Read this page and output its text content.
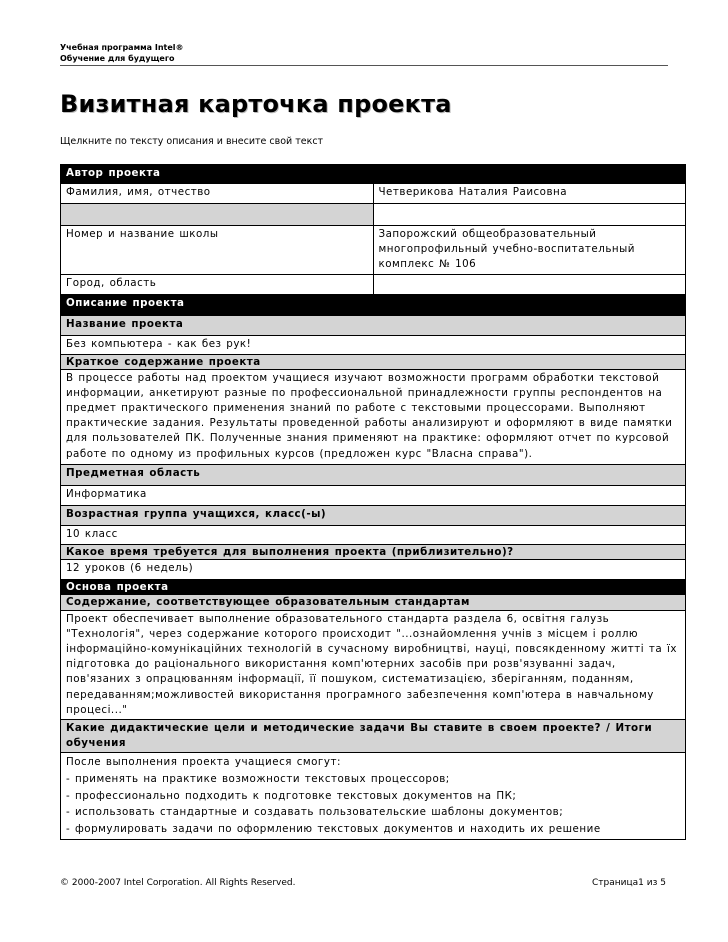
Учебная программа Intel®
Обучение для будущего
Визитная карточка проекта
Щелкните по тексту описания и внесите свой текст
Автор проекта	
Фамилия, имя, отчество	Четверикова Наталия Раисовна

Номер и название школы	Запорожский общеобразовательный многопрофильный учебно-воспитательный комплекс № 106
Город, область	
Описание проекта	
Название проекта	
Без компьютера - как без рук!	
Краткое содержание проекта	
В процессе работы над проектом учащиеся изучают возможности программ обработки текстовой информации, анкетируют разные по профессиональной принадлежности группы респондентов на предмет практического применения знаний по работе с текстовыми процессорами. Выполняют практические задания. Результаты проведенной работы анализируют и оформляют в виде памятки для пользователей ПК. Полученные знания применяют на практике: оформляют отчет по курсовой работе по одному из профильных курсов (предложен курс "Власна справа").	
Предметная область	
Информатика	
Возрастная группа учащихся, класс(-ы)	
10 класс	
Какое время требуется для выполнения проекта (приблизительно)?	
12 уроков (6 недель)	
Основа проекта	
Содержание, соответствующее образовательным стандартам	
Проект обеспечивает выполнение образовательного стандарта раздела 6, освітня галузь "Технологія", через содержание которого происходит "...ознайомлення учнів з місцем і роллю інформаційно-комунікаційних технологій в сучасному виробництві, науці, повсякденному житті та їх підготовка до раціонального використання комп'ютерних засобів при розв'язуванні задач, пов'язаних з опрацюванням інформації, її пошуком, систематизацією, зберіганням, поданням, передаванням;можливостей використання програмного забезпечення комп'ютера в навчальному процесі..."	
Какие дидактические цели и методические задачи Вы ставите в своем проекте? / Итоги обучения	

После выполнения проекта учащиеся смогут:
- применять на практике возможности текстовых процессоров;
- профессионально подходить к подготовке текстовых документов на ПК;
- использовать стандартные и создавать пользовательские шаблоны документов;
- формулировать задачи по оформлению текстовых документов и находить их решение	
© 2000-2007 Intel Corporation. All Rights Reserved.	Страница1 из 5
